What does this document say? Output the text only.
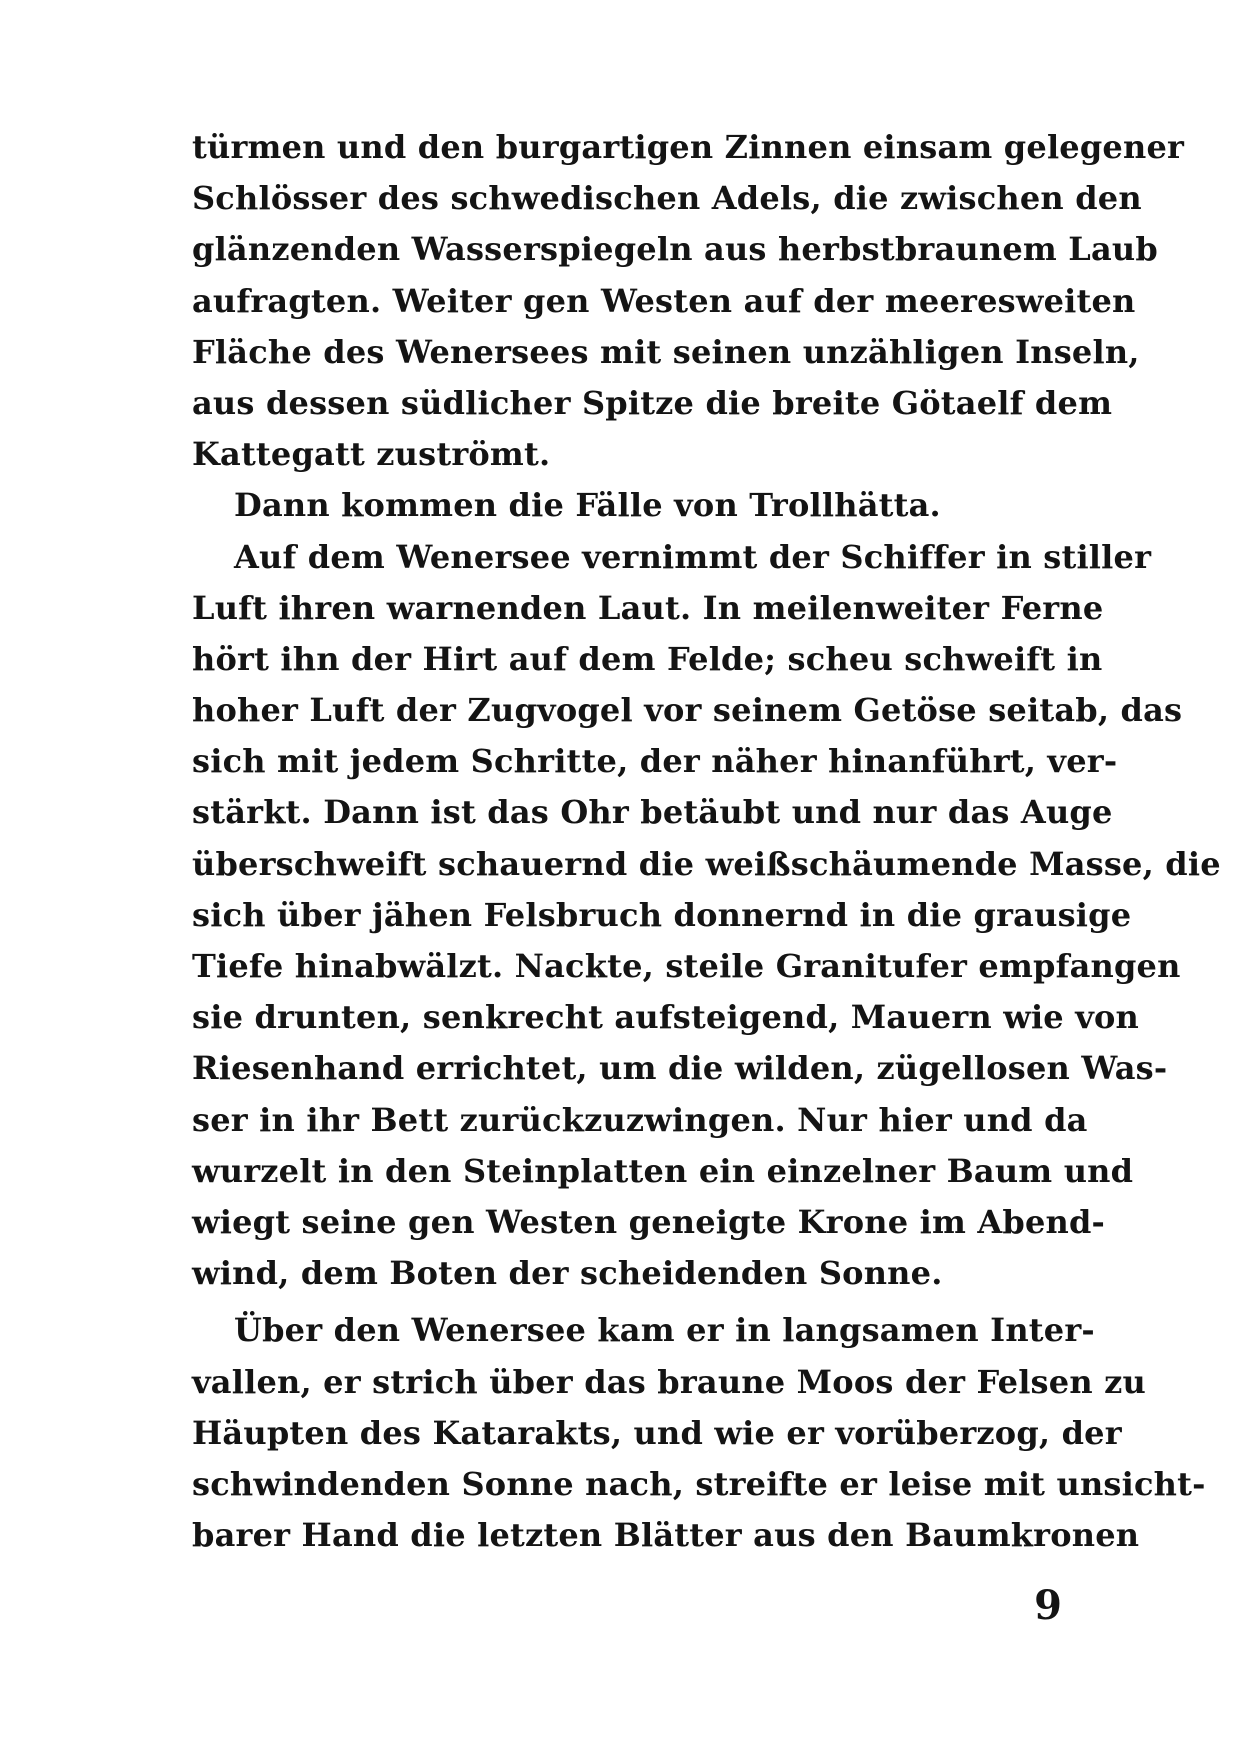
türmen und den burgartigen Zinnen einsam gelegener
Schlösser des schwedischen Adels, die zwischen den
glänzenden Wasserspiegeln aus herbstbraunem Laub
aufragten. Weiter gen Westen auf der meeresweiten
Fläche des Wenersees mit seinen unzähligen Inseln,
aus dessen südlicher Spitze die breite Götaelf dem
Kattegatt zuströmt.
Dann kommen die Fälle von Trollhätta.
Auf dem Wenersee vernimmt der Schiffer in stiller
Luft ihren warnenden Laut. In meilenweiter Ferne
hört ihn der Hirt auf dem Felde; scheu schweift in
hoher Luft der Zugvogel vor seinem Getöse seitab, das
sich mit jedem Schritte, der näher hinanführt, ver-
stärkt. Dann ist das Ohr betäubt und nur das Auge
überschweift schauernd die weißschäumende Masse, die
sich über jähen Felsbruch donnernd in die grausige
Tiefe hinabwälzt. Nackte, steile Granitufer empfangen
sie drunten, senkrecht aufsteigend, Mauern wie von
Riesenhand errichtet, um die wilden, zügellosen Was-
ser in ihr Bett zurückzuzwingen. Nur hier und da
wurzelt in den Steinplatten ein einzelner Baum und
wiegt seine gen Westen geneigte Krone im Abend-
wind, dem Boten der scheidenden Sonne.
Über den Wenersee kam er in langsamen Inter-
vallen, er strich über das braune Moos der Felsen zu
Häupten des Katarakts, und wie er vorüberzog, der
schwindenden Sonne nach, streifte er leise mit unsicht-
barer Hand die letzten Blätter aus den Baumkronen
9
